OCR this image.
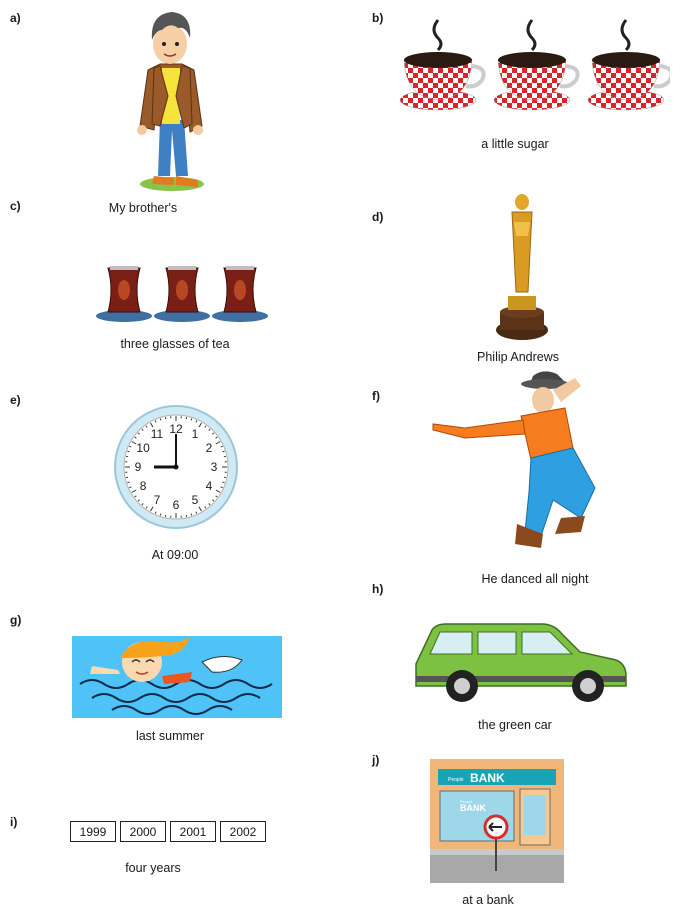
a)	b)
c)
d)
e)	f)
g)
h)
i)
j)
My brother's
a little sugar
three glasses of tea
Philip Andrews
12 1
2
3
4
5
6
7
8
9
10
11
At 09:00
He danced all night
last summer
the green car
1999	2000	2001	2002
four years
People BANK
People
BANK
at a bank
